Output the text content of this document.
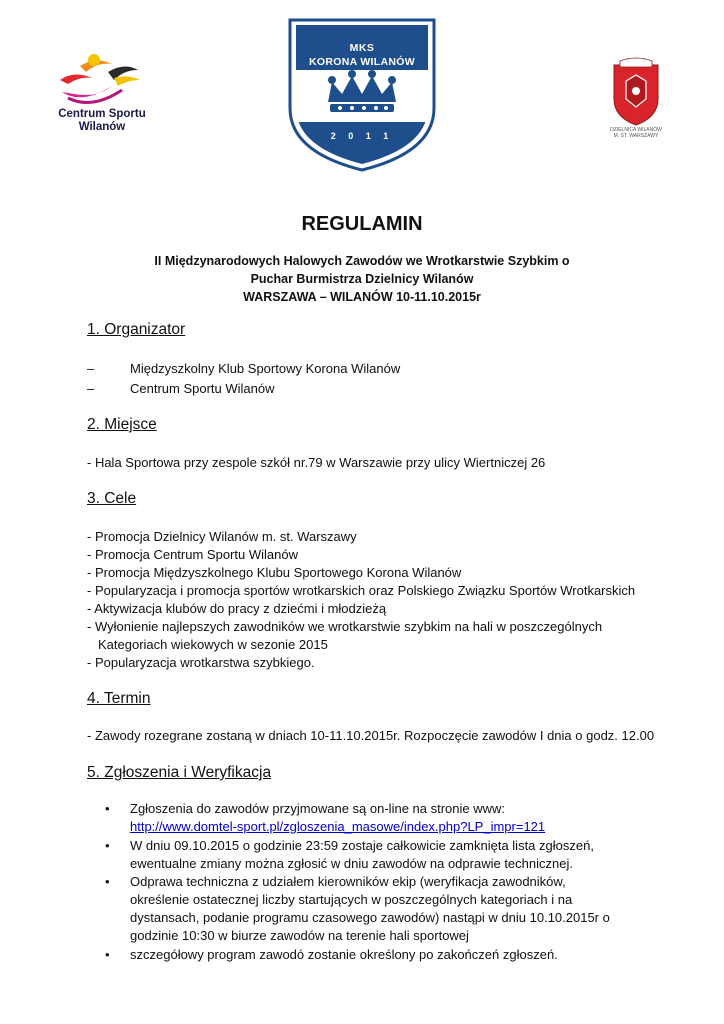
Centrum Sportu
Wilanów
MKS
KORONA WILANÓW
2 0 1 1
DZIELNICA WILANÓW
M. ST. WARSZAWY
REGULAMIN
II Międzynarodowych Halowych Zawodów we Wrotkarstwie Szybkim o
Puchar Burmistrza Dzielnicy Wilanów
WARSZAWA – WILANÓW 10-11.10.2015r
1. Organizator
–	Międzyszkolny Klub Sportowy Korona Wilanów
–	Centrum Sportu Wilanów
2. Miejsce
- Hala Sportowa przy zespole szkół nr.79 w Warszawie przy ulicy Wiertniczej 26
3. Cele
- Promocja Dzielnicy Wilanów m. st. Warszawy
- Promocja Centrum Sportu Wilanów
- Promocja Międzyszkolnego Klubu Sportowego Korona Wilanów
- Popularyzacja i promocja sportów wrotkarskich oraz Polskiego Związku Sportów Wrotkarskich
- Aktywizacja klubów do pracy z dziećmi i młodzieżą
- Wyłonienie najlepszych zawodników we wrotkarstwie szybkim na hali w poszczególnych
Kategoriach wiekowych w sezonie 2015
- Popularyzacja wrotkarstwa szybkiego.
4. Termin
- Zawody rozegrane zostaną w dniach 10-11.10.2015r. Rozpoczęcie zawodów I dnia o godz. 12.00
5. Zgłoszenia i Weryfikacja
• Zgłoszenia do zawodów przyjmowane są on-line na stronie www:
http://www.domtel-sport.pl/zgloszenia_masowe/index.php?LP_impr=121
• W dniu 09.10.2015 o godzinie 23:59 zostaje całkowicie zamknięta lista zgłoszeń,
ewentualne zmiany można zgłosić w dniu zawodów na odprawie technicznej.
• Odprawa techniczna z udziałem kierowników ekip (weryfikacja zawodników,
określenie ostatecznej liczby startujących w poszczególnych kategoriach i na
dystansach, podanie programu czasowego zawodów) nastąpi w dniu 10.10.2015r o
godzinie 10:30 w biurze zawodów na terenie hali sportowej
• szczegółowy program zawodó zostanie określony po zakończeń zgłoszeń.
